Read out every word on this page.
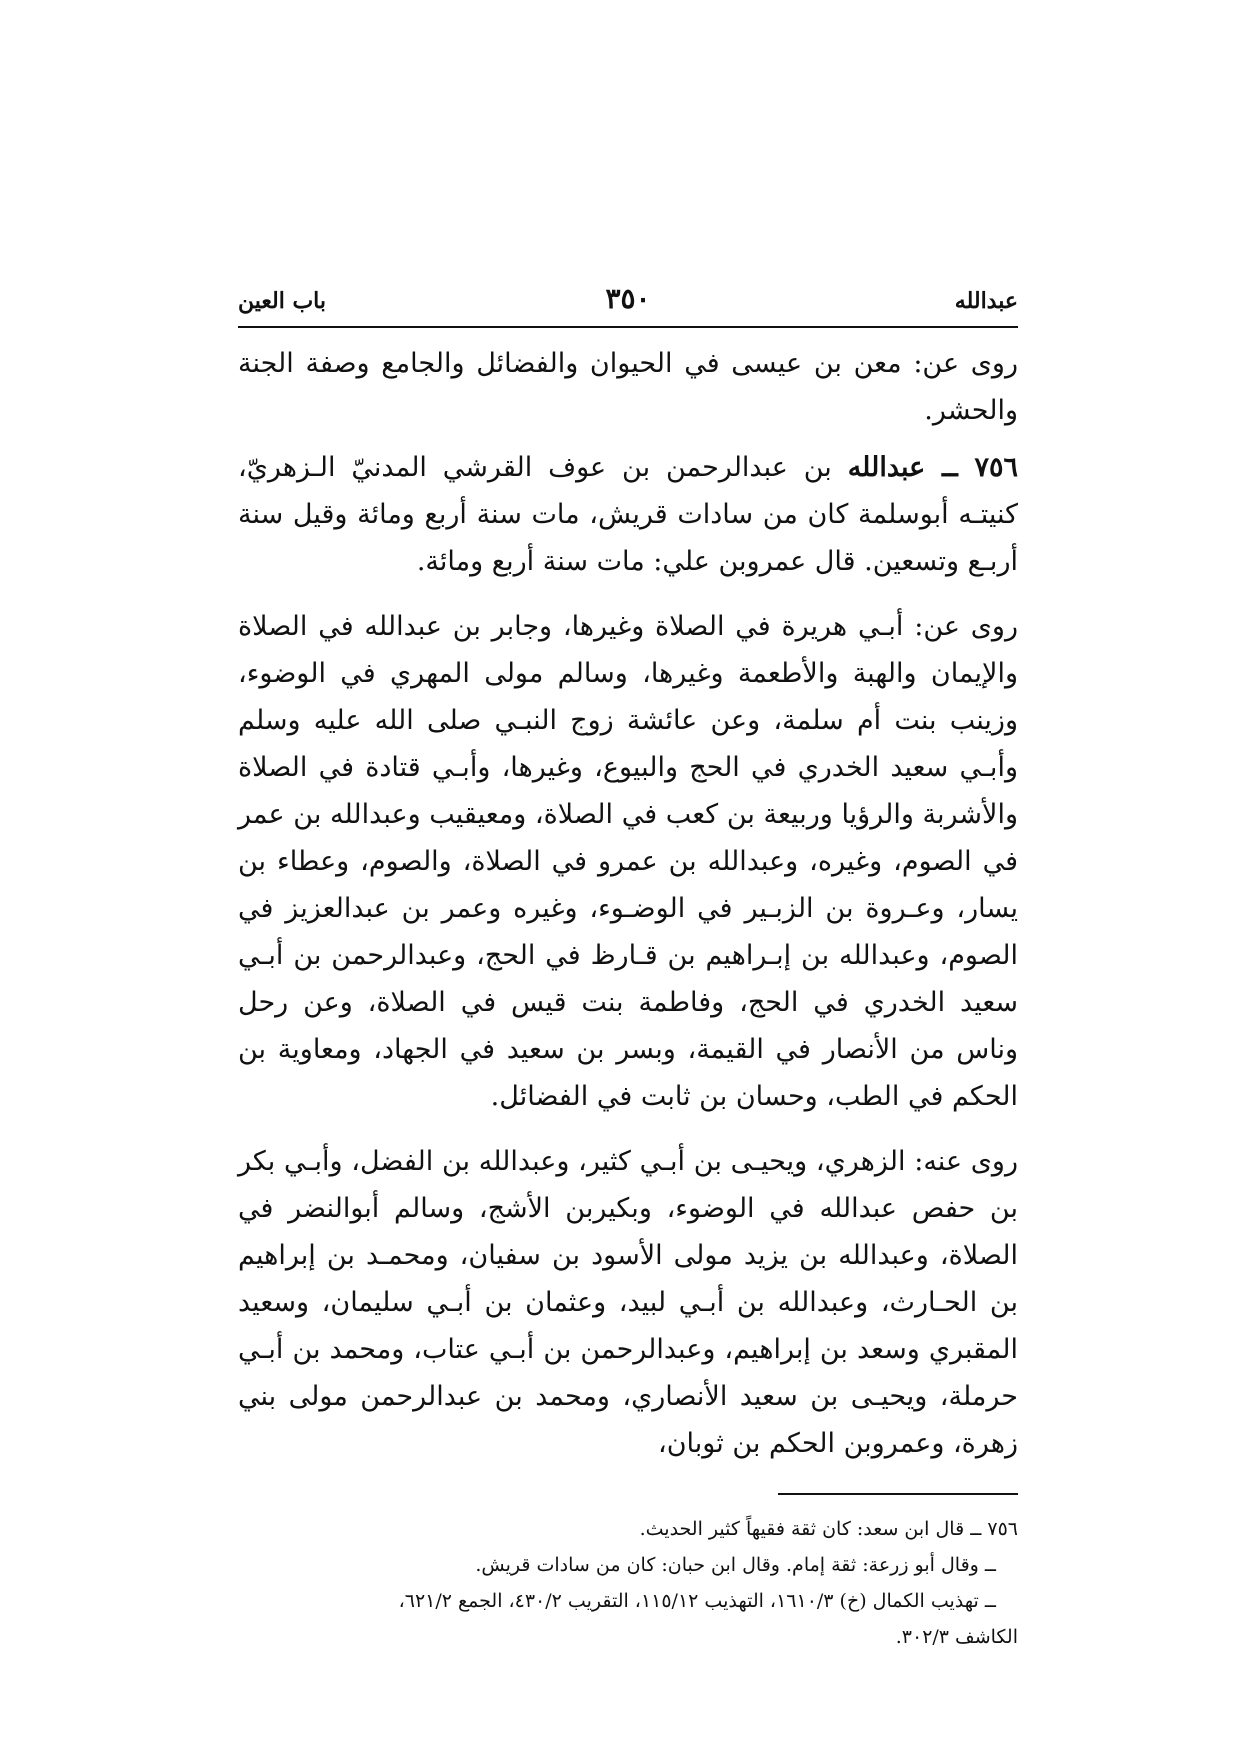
عبدالله
٣٥٠
باب العين

روى عن: معن بن عيسى في الحيوان والفضائل والجامع وصفة الجنة والحشر.

٧٥٦ ــ عبدالله بن عبدالرحمن بن عوف القرشي المدنيّ الـزهريّ، كنيتـه أبوسلمة كان من سادات قريش، مات سنة أربع ومائة وقيل سنة أربـع وتسعين. قال عمروبن علي: مات سنة أربع ومائة.

روى عن: أبـي هريرة في الصلاة وغيرها، وجابر بن عبدالله في الصلاة والإيمان والهبة والأطعمة وغيرها، وسالم مولى المهري في الوضوء، وزينب بنت أم سلمة، وعن عائشة زوج النبـي صلى الله عليه وسلم وأبـي سعيد الخدري في الحج والبيوع، وغيرها، وأبـي قتادة في الصلاة والأشربة والرؤيا وربيعة بن كعب في الصلاة، ومعيقيب وعبدالله بن عمر في الصوم، وغيره، وعبدالله بن عمرو في الصلاة، والصوم، وعطاء بن يسار، وعـروة بن الزبـير في الوضـوء، وغيره وعمر بن عبدالعزيز في الصوم، وعبدالله بن إبـراهيم بن قـارظ في الحج، وعبدالرحمن بن أبـي سعيد الخدري في الحج، وفاطمة بنت قيس في الصلاة، وعن رحل وناس من الأنصار في القيمة، وبسر بن سعيد في الجهاد، ومعاوية بن الحكم في الطب، وحسان بن ثابت في الفضائل.

روى عنه: الزهري، ويحيـى بن أبـي كثير، وعبدالله بن الفضل، وأبـي بكر بن حفص عبدالله في الوضوء، وبكيربن الأشج، وسالم أبوالنضر في الصلاة، وعبدالله بن يزيد مولى الأسود بن سفيان، ومحمـد بن إبراهيم بن الحـارث، وعبدالله بن أبـي لبيد، وعثمان بن أبـي سليمان، وسعيد المقبري وسعد بن إبراهيم، وعبدالرحمن بن أبـي عتاب، ومحمد بن أبـي حرملة، ويحيـى بن سعيد الأنصاري، ومحمد بن عبدالرحمن مولى بني زهرة، وعمروبن الحكم بن ثوبان،

٧٥٦ ــ قال ابن سعد: كان ثقة فقيهاً كثير الحديث.

ــ وقال أبو زرعة: ثقة إمام. وقال ابن حبان: كان من سادات قريش.

ــ تهذيب الكمال (خ) ١٦١٠/٣، التهذيب ١١٥/١٢، التقريب ٤٣٠/٢، الجمع ٦٢١/٢،

الكاشف ٣٠٢/٣.
